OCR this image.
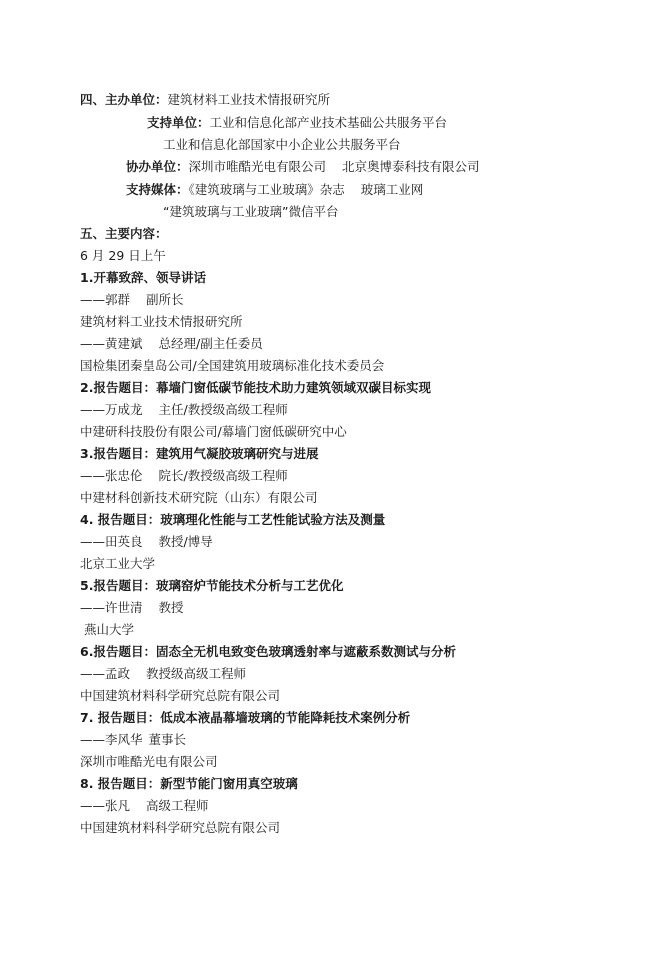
四、主办单位：建筑材料工业技术情报研究所
支持单位：工业和信息化部产业技术基础公共服务平台
工业和信息化部国家中小企业公共服务平台
协办单位：深圳市唯酷光电有限公司 北京奥博泰科技有限公司
支持媒体：《建筑玻璃与工业玻璃》杂志 玻璃工业网
“建筑玻璃与工业玻璃”微信平台
五、主要内容：
6 月 29 日上午
1.开幕致辞、领导讲话
——郭群 副所长
建筑材料工业技术情报研究所
——黄建斌 总经理/副主任委员
国检集团秦皇岛公司/全国建筑用玻璃标准化技术委员会
2.报告题目：幕墙门窗低碳节能技术助力建筑领域双碳目标实现
——万成龙 主任/教授级高级工程师
中建研科技股份有限公司/幕墙门窗低碳研究中心
3.报告题目：建筑用气凝胶玻璃研究与进展
——张忠伦 院长/教授级高级工程师
中建材科创新技术研究院（山东）有限公司
4. 报告题目：玻璃理化性能与工艺性能试验方法及测量
——田英良 教授/博导
北京工业大学
5.报告题目：玻璃窑炉节能技术分析与工艺优化
——许世清 教授
燕山大学
6.报告题目：固态全无机电致变色玻璃透射率与遮蔽系数测试与分析
——孟政 教授级高级工程师
中国建筑材料科学研究总院有限公司
7. 报告题目：低成本液晶幕墙玻璃的节能降耗技术案例分析
——李风华 董事长
深圳市唯酷光电有限公司
8. 报告题目：新型节能门窗用真空玻璃
——张凡 高级工程师
中国建筑材料科学研究总院有限公司
